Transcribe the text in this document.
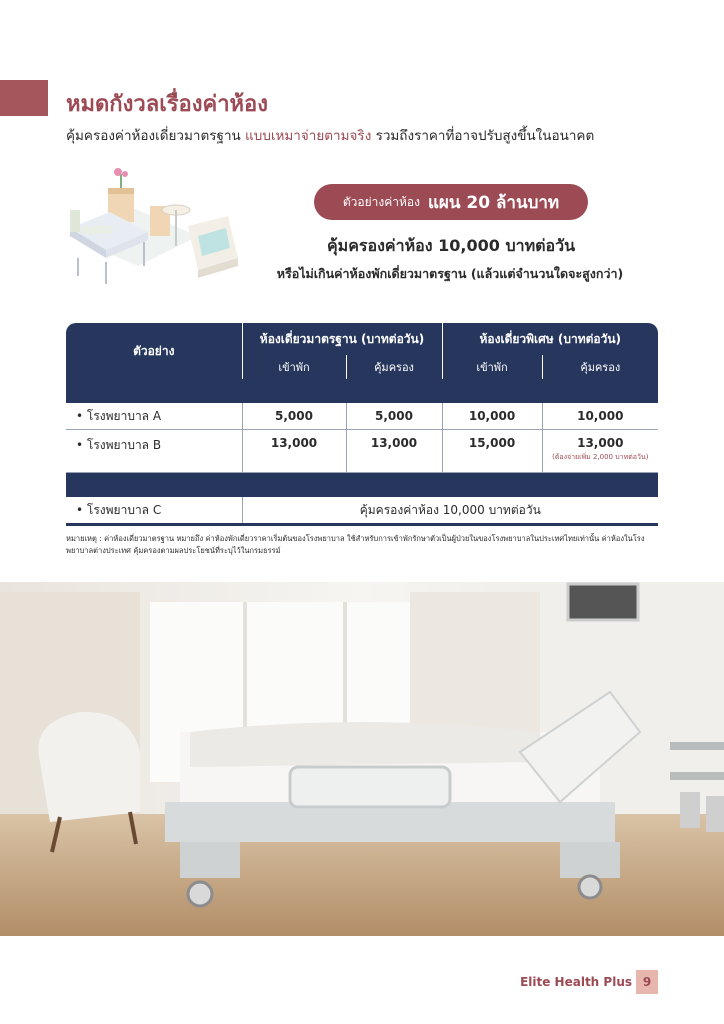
หมดกังวลเรื่องค่าห้อง
คุ้มครองค่าห้องเดี่ยวมาตรฐาน แบบเหมาจ่ายตามจริง รวมถึงราคาที่อาจปรับสูงขึ้นในอนาคต
ตัวอย่างค่าห้อง แผน 20 ล้านบาท
คุ้มครองค่าห้อง 10,000 บาทต่อวัน
หรือไม่เกินค่าห้องพักเดี่ยวมาตรฐาน (แล้วแต่จำนวนใดจะสูงกว่า)
ตัวอย่าง	ห้องเดี่ยวมาตรฐาน (บาทต่อวัน)		ห้องเดี่ยวพิเศษ (บาทต่อวัน)	
	เข้าพัก	คุ้มครอง	เข้าพัก	คุ้มครอง

• โรงพยาบาล A	5,000	5,000	10,000	10,000
• โรงพยาบาล B	13,000	13,000	15,000	13,000
(ต้องจ่ายเพิ่ม 2,000 บาทต่อวัน)

• โรงพยาบาล C	คุ้มครองค่าห้อง 10,000 บาทต่อวัน			
หมายเหตุ : ค่าห้องเดี่ยวมาตรฐาน หมายถึง ค่าห้องพักเดี่ยวราคาเริ่มต้นของโรงพยาบาล ใช้สำหรับการเข้าพักรักษาตัวเป็นผู้ป่วยในของโรงพยาบาลในประเทศไทยเท่านั้น ค่าห้องในโรงพยาบาลต่างประเทศ คุ้มครองตามผลประโยชน์ที่ระบุไว้ในกรมธรรม์
Elite Health Plus 9
